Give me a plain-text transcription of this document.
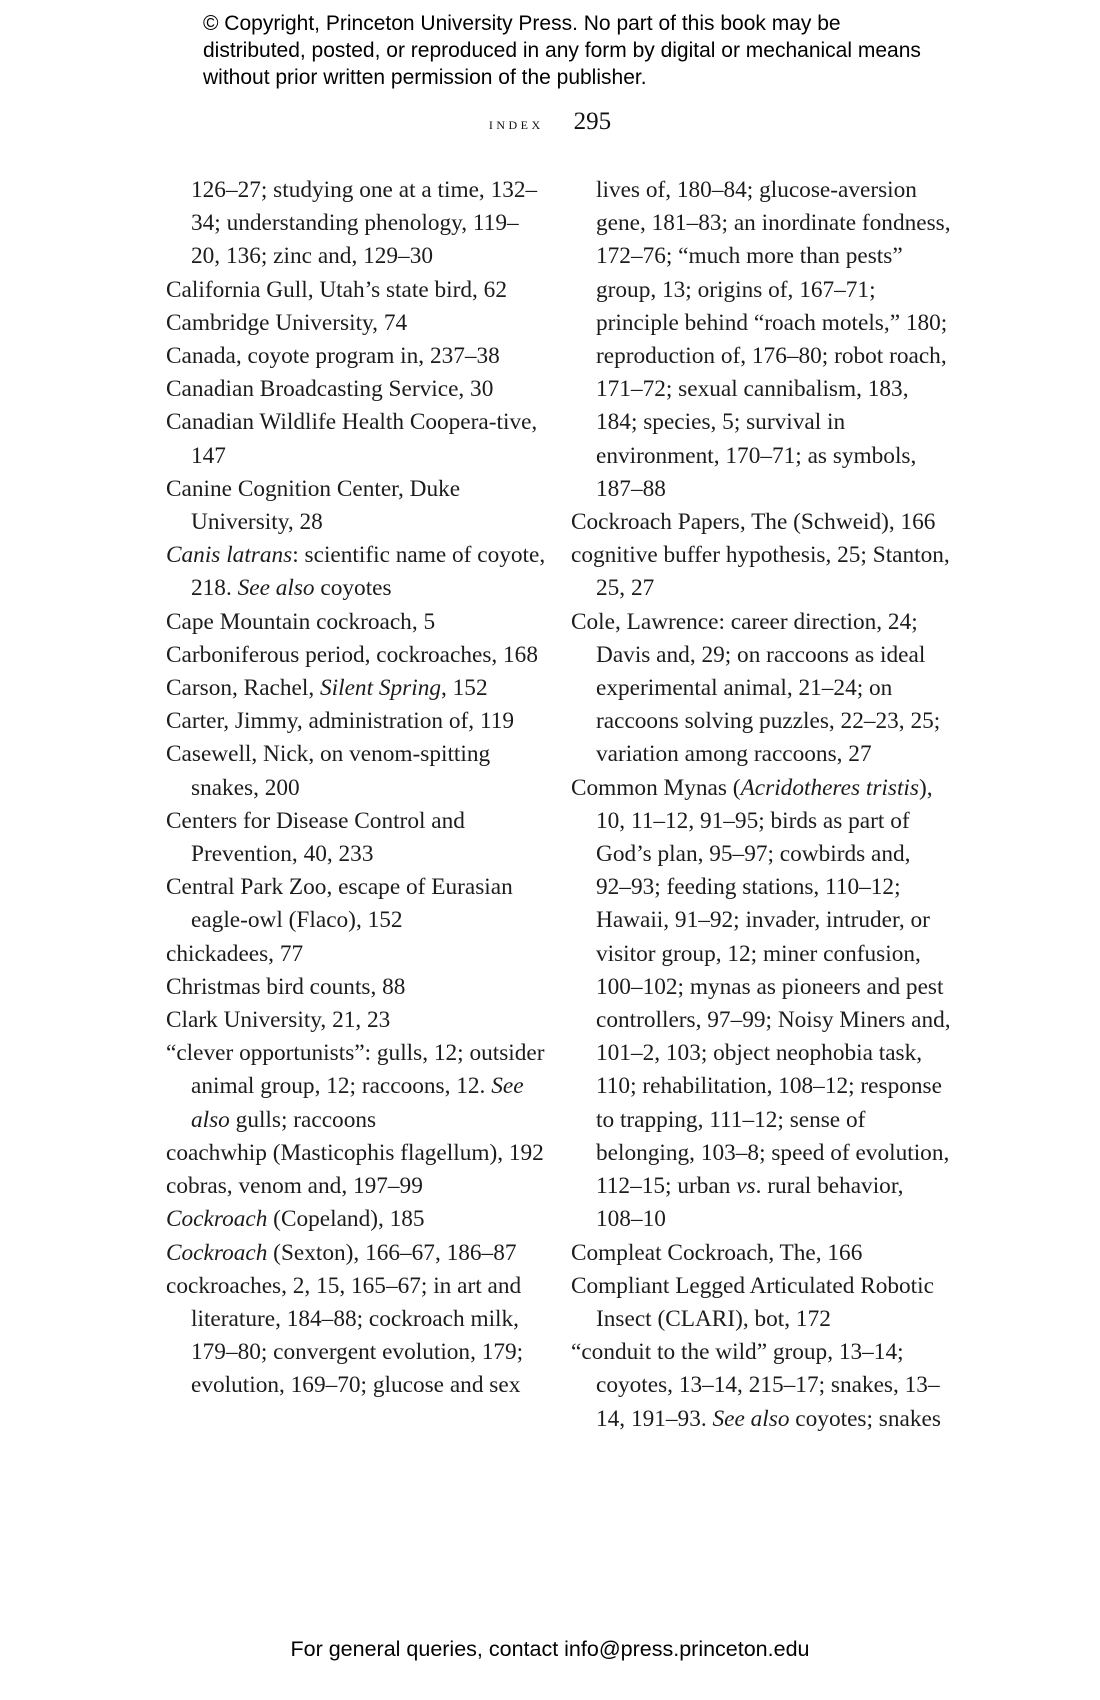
© Copyright, Princeton University Press. No part of this book may be distributed, posted, or reproduced in any form by digital or mechanical means without prior written permission of the publisher.
index 295

126–27; studying one at a time, 132–34; understanding phenology, 119–20, 136; zinc and, 129–30

California Gull, Utah’s state bird, 62

Cambridge University, 74

Canada, coyote program in, 237–38

Canadian Broadcasting Service, 30

Canadian Wildlife Health Coopera-tive, 147

Canine Cognition Center, Duke University, 28

Canis latrans: scientific name of coyote, 218. See also coyotes

Cape Mountain cockroach, 5

Carboniferous period, cockroaches, 168

Carson, Rachel, Silent Spring, 152

Carter, Jimmy, administration of, 119

Casewell, Nick, on venom-spitting snakes, 200

Centers for Disease Control and Prevention, 40, 233

Central Park Zoo, escape of Eurasian eagle-owl (Flaco), 152

chickadees, 77

Christmas bird counts, 88

Clark University, 21, 23

“clever opportunists”: gulls, 12; outsider animal group, 12; raccoons, 12. See also gulls; raccoons

coachwhip (Masticophis flagellum), 192

cobras, venom and, 197–99

Cockroach (Copeland), 185

Cockroach (Sexton), 166–67, 186–87

cockroaches, 2, 15, 165–67; in art and literature, 184–88; cockroach milk, 179–80; convergent evolution, 179; evolution, 169–70; glucose and sex

lives of, 180–84; glucose-aversion gene, 181–83; an inordinate fondness, 172–76; “much more than pests” group, 13; origins of, 167–71; principle behind “roach motels,” 180; reproduction of, 176–80; robot roach, 171–72; sexual cannibalism, 183, 184; species, 5; survival in environment, 170–71; as symbols, 187–88

Cockroach Papers, The (Schweid), 166

cognitive buffer hypothesis, 25; Stanton, 25, 27

Cole, Lawrence: career direction, 24; Davis and, 29; on raccoons as ideal experimental animal, 21–24; on raccoons solving puzzles, 22–23, 25; variation among raccoons, 27

Common Mynas (Acridotheres tristis), 10, 11–12, 91–95; birds as part of God’s plan, 95–97; cowbirds and, 92–93; feeding stations, 110–12; Hawaii, 91–92; invader, intruder, or visitor group, 12; miner confusion, 100–102; mynas as pioneers and pest controllers, 97–99; Noisy Miners and, 101–2, 103; object neophobia task, 110; rehabilitation, 108–12; response to trapping, 111–12; sense of belonging, 103–8; speed of evolution, 112–15; urban vs. rural behavior, 108–10

Compleat Cockroach, The, 166

Compliant Legged Articulated Robotic Insect (CLARI), bot, 172

“conduit to the wild” group, 13–14; coyotes, 13–14, 215–17; snakes, 13–14, 191–93. See also coyotes; snakes

For general queries, contact info@press.princeton.edu
